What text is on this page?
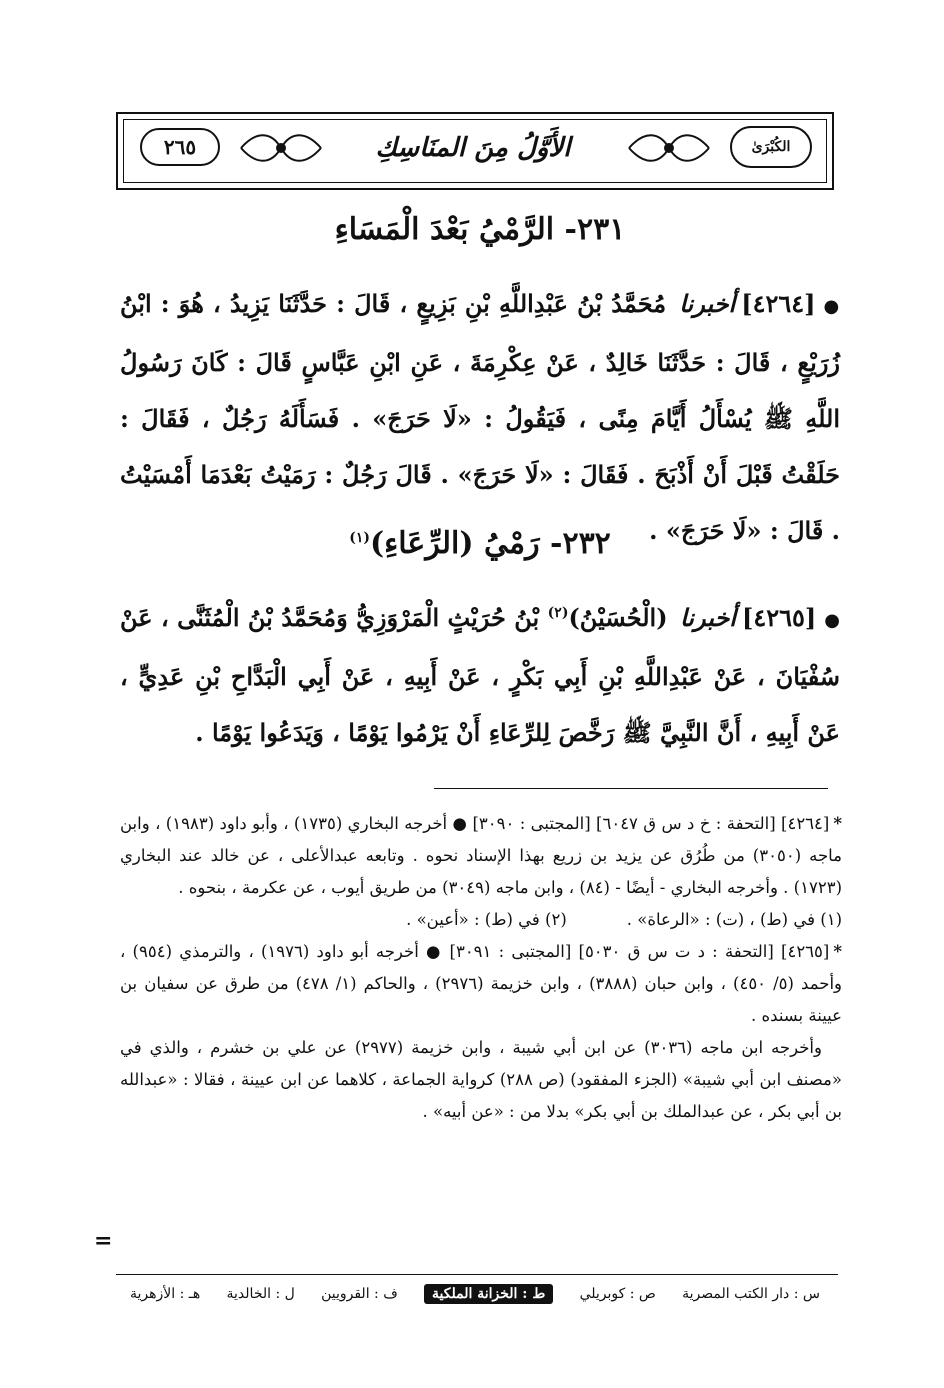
٢٦٥	الكُبْرَىٰ
الأَوَّلُ مِنَ المنَاسِكِ
٢٣١- الرَّمْيُ بَعْدَ الْمَسَاءِ
●[٤٢٦٤]أخبرنا مُحَمَّدُ بْنُ عَبْدِاللَّهِ بْنِ بَزِيعٍ ، قَالَ : حَدَّثَنَا يَزِيدُ ، هُوَ : ابْنُ زُرَيْعٍ ، قَالَ : حَدَّثَنَا خَالِدٌ ، عَنْ عِكْرِمَةَ ، عَنِ ابْنِ عَبَّاسٍ قَالَ : كَانَ رَسُولُ اللَّهِ ﷺ يُسْأَلُ أَيَّامَ مِنًى ، فَيَقُولُ : «لَا حَرَجَ» . فَسَأَلَهُ رَجُلٌ ، فَقَالَ : حَلَقْتُ قَبْلَ أَنْ أَذْبَحَ . فَقَالَ : «لَا حَرَجَ» . قَالَ رَجُلٌ : رَمَيْتُ بَعْدَمَا أَمْسَيْتُ . قَالَ : «لَا حَرَجَ» .
٢٣٢- رَمْيُ (الرِّعَاءِ)$^{(١)}$
●[٤٢٦٥]أخبرنا (الْحُسَيْنُ)$^{(٢)}$ بْنُ حُرَيْثٍ الْمَرْوَزِيُّ وَمُحَمَّدُ بْنُ الْمُثَنَّى ، عَنْ سُفْيَانَ ، عَنْ عَبْدِاللَّهِ بْنِ أَبِي بَكْرٍ ، عَنْ أَبِيهِ ، عَنْ أَبِي الْبَدَّاحِ بْنِ عَدِيٍّ ، عَنْ أَبِيهِ ، أَنَّ النَّبِيَّ ﷺ رَخَّصَ لِلرِّعَاءِ أَنْ يَرْمُوا يَوْمًا ، وَيَدَعُوا يَوْمًا .

*[٤٢٦٤] [التحفة : خ د س ق ٦٠٤٧] [المجتبى : ٣٠٩٠] ● أخرجه البخاري (١٧٣٥) ، وأبو داود (١٩٨٣) ، وابن ماجه (٣٠٥٠) من طُرُق عن يزيد بن زريع بهذا الإسناد نحوه . وتابعه عبدالأعلى ، عن خالد عند البخاري (١٧٢٣) . وأخرجه البخاري - أيضًا - (٨٤) ، وابن ماجه (٣٠٤٩) من طريق أيوب ، عن عكرمة ، بنحوه .

(١) في (ط) ، (ت) : «الرعاة» .
(٢) في (ط) : «أعين» .

*[٤٢٦٥] [التحفة : د ت س ق ٥٠٣٠] [المجتبى : ٣٠٩١] ● أخرجه أبو داود (١٩٧٦) ، والترمذي (٩٥٤) ، وأحمد (٥/ ٤٥٠) ، وابن حبان (٣٨٨٨) ، وابن خزيمة (٢٩٧٦) ، والحاكم (١/ ٤٧٨) من طرق عن سفيان بن عيينة بسنده .

وأخرجه ابن ماجه (٣٠٣٦) عن ابن أبي شيبة ، وابن خزيمة (٢٩٧٧) عن علي بن خشرم ، والذي في «مصنف ابن أبي شيبة» (الجزء المفقود) (ص ٢٨٨) كرواية الجماعة ، كلاهما عن ابن عيينة ، فقالا : «عبدالله بن أبي بكر ، عن عبدالملك بن أبي بكر» بدلا من : «عن أبيه» .

=
س : دار الكتب المصرية
ص : كوبريلي
ط : الخزانة الملكية
ف : القرويين
ل : الخالدية
هـ : الأزهرية
